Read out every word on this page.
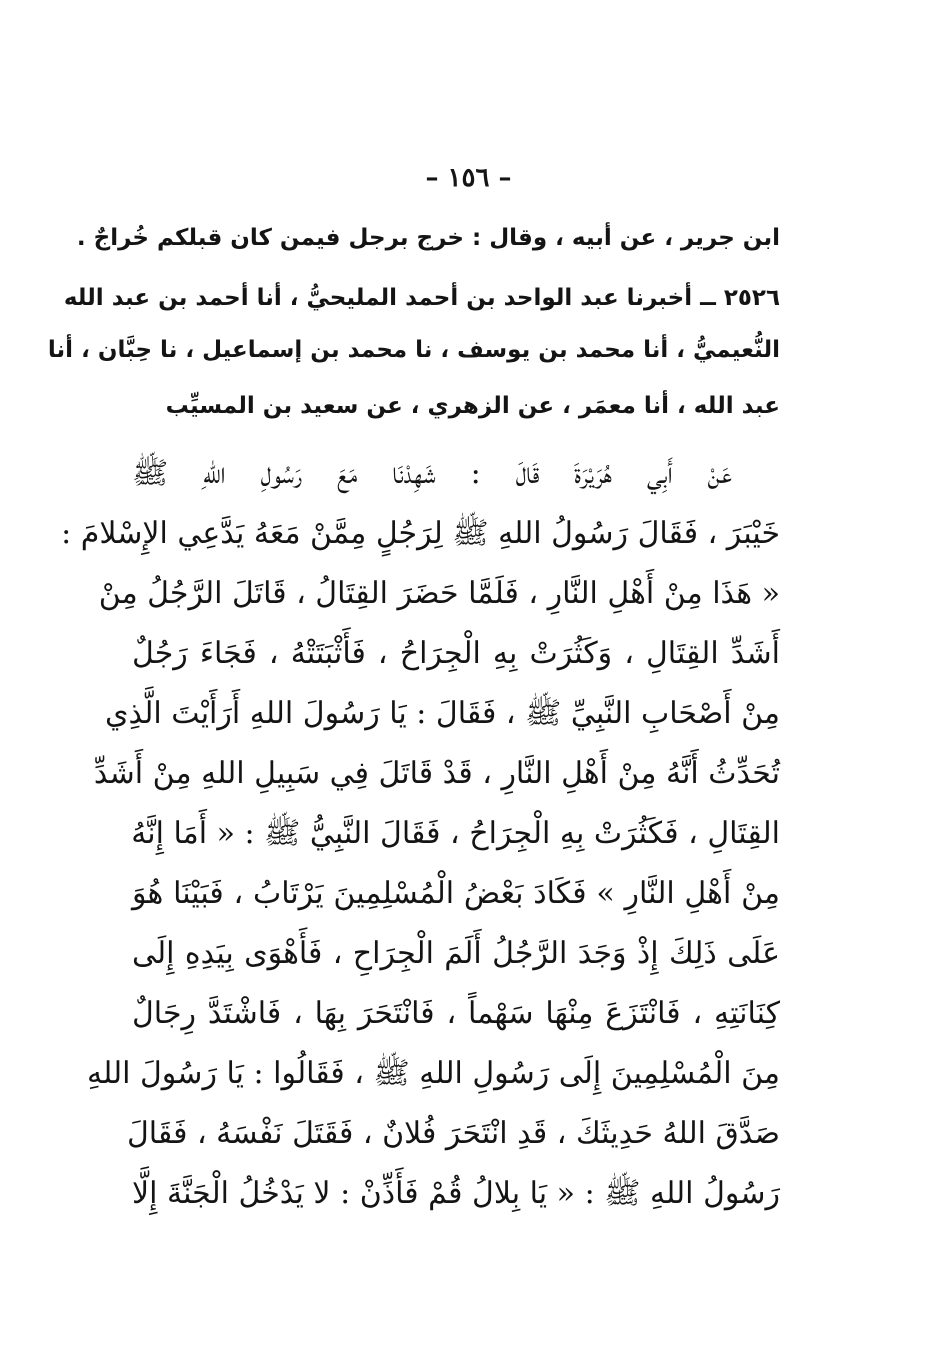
– ١٥٦ –
ابن جرير ، عن أبيه ، وقال : خرج برجل فيمن كان قبلكم خُراجٌ .
٢٥٢٦ ــ أخبرنا عبد الواحد بن أحمد المليحيُّ ، أنا أحمد بن عبد الله
النُّعيميُّ ، أنا محمد بن يوسف ، نا محمد بن إسماعيل ، نا حِبَّان ، أنا
عبد الله ، أنا معمَر ، عن الزهري ، عن سعيد بن المسيِّب
عَنْ أَبِي هُرَيْرَةَ قَالَ : شَهِدْنَا مَعَ رَسُولِ اللهِ ﷺ
خَيْبَرَ ، فَقَالَ رَسُولُ اللهِ ﷺ لِرَجُلٍ مِمَّنْ مَعَهُ يَدَّعِي الإِسْلامَ :
« هَذَا مِنْ أَهْلِ النَّارِ ، فَلَمَّا حَضَرَ القِتَالُ ، قَاتَلَ الرَّجُلُ مِنْ
أَشَدِّ القِتَالِ ، وَكَثُرَتْ بِهِ الْجِرَاحُ ، فَأَثْبَتَتْهُ ، فَجَاءَ رَجُلٌ
مِنْ أَصْحَابِ النَّبِيِّ ﷺ ، فَقَالَ : يَا رَسُولَ اللهِ أَرَأَيْتَ الَّذِي
تُحَدِّثُ أَنَّهُ مِنْ أَهْلِ النَّارِ ، قَدْ قَاتَلَ فِي سَبِيلِ اللهِ مِنْ أَشَدِّ
القِتَالِ ، فَكَثُرَتْ بِهِ الْجِرَاحُ ، فَقَالَ النَّبِيُّ ﷺ : « أَمَا إِنَّهُ
مِنْ أَهْلِ النَّارِ » فَكَادَ بَعْضُ الْمُسْلِمِينَ يَرْتَابُ ، فَبَيْنَا هُوَ
عَلَى ذَلِكَ إِذْ وَجَدَ الرَّجُلُ أَلَمَ الْجِرَاحِ ، فَأَهْوَى بِيَدِهِ إِلَى
كِنَانَتِهِ ، فَانْتَزَعَ مِنْهَا سَهْماً ، فَانْتَحَرَ بِهَا ، فَاشْتَدَّ رِجَالٌ
مِنَ الْمُسْلِمِينَ إِلَى رَسُولِ اللهِ ﷺ ، فَقَالُوا : يَا رَسُولَ اللهِ
صَدَّقَ اللهُ حَدِيثَكَ ، قَدِ انْتَحَرَ فُلانٌ ، فَقَتَلَ نَفْسَهُ ، فَقَالَ
رَسُولُ اللهِ ﷺ : « يَا بِلالُ قُمْ فَأَذِّنْ : لا يَدْخُلُ الْجَنَّةَ إِلَّا
